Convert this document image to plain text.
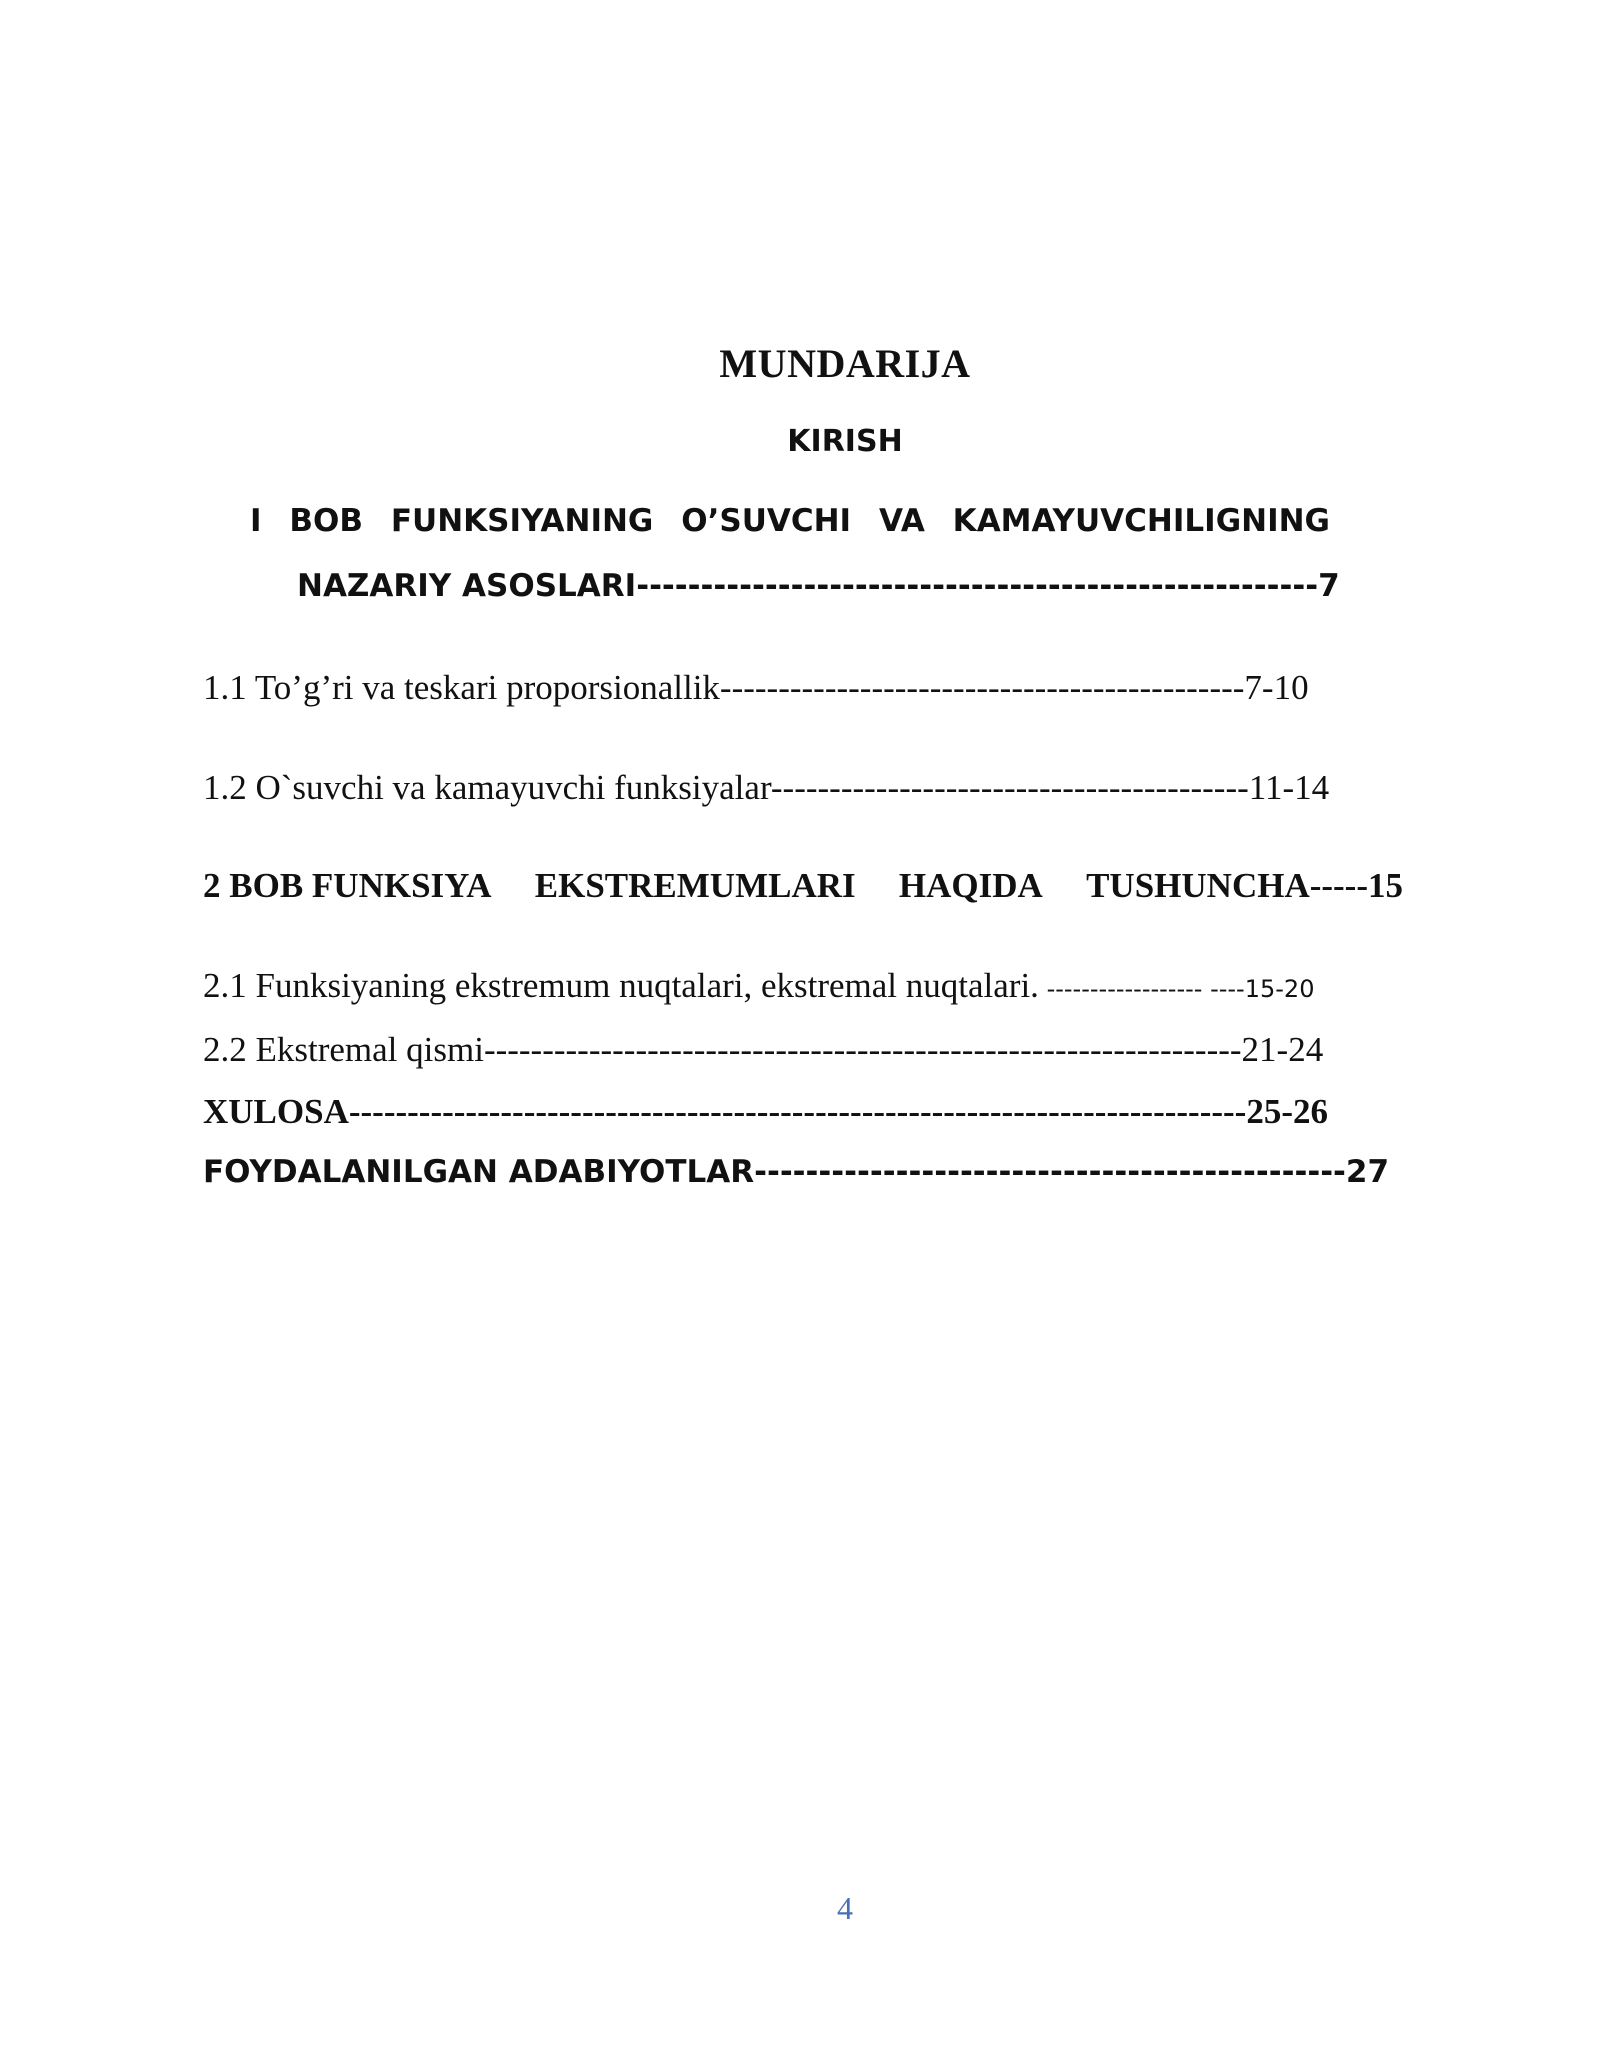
MUNDARIJA
KIRISH
I BOB FUNKSIYANING O’SUVCHI VA KAMAYUVCHILIGNING
NAZARIY ASOSLARI-----------------------------------------------------7
1.1 To’g’ri va teskari proporsionallik---------------------------------------------7-10
1.2 O`suvchi va kamayuvchi funksiyalar-----------------------------------------11-14
2 BOB FUNKSIYA EKSTREMUMLARI HAQIDA TUSHUNCHA-----15
2.1 Funksiyaning ekstremum nuqtalari, ekstremal nuqtalari. ------------------ ----15-20
2.2 Ekstremal qismi-----------------------------------------------------------------21-24
XULOSA-----------------------------------------------------------------------------25-26
FOYDALANILGAN ADABIYOTLAR----------------------------------------------27
4
